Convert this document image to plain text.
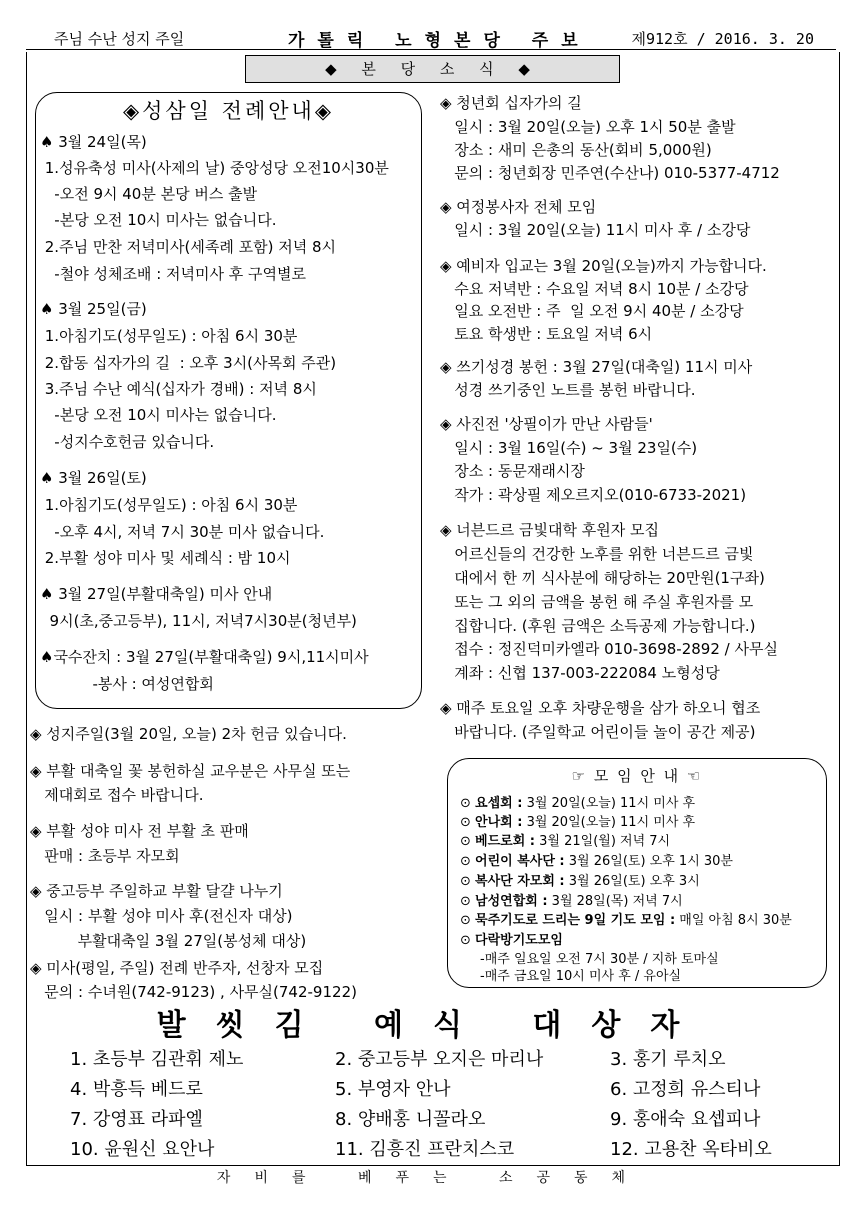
주님 수난 성지 주일	가톨릭 노형본당 주보	제912호 / 2016. 3. 20
◆ 본 당 소 식 ◆
◈성삼일 전례안내◈
♠ 3월 24일(목)
1.성유축성 미사(사제의 날) 중앙성당 오전10시30분
-오전 9시 40분 본당 버스 출발
-본당 오전 10시 미사는 없습니다.
2.주님 만찬 저녁미사(세족례 포함) 저녁 8시
-철야 성체조배 : 저녁미사 후 구역별로
♠ 3월 25일(금)
1.아침기도(성무일도) : 아침 6시 30분
2.합동 십자가의 길  : 오후 3시(사목회 주관)
3.주님 수난 예식(십자가 경배) : 저녁 8시
-본당 오전 10시 미사는 없습니다.
-성지수호헌금 있습니다.
♠ 3월 26일(토)
1.아침기도(성무일도) : 아침 6시 30분
-오후 4시, 저녁 7시 30분 미사 없습니다.
2.부활 성야 미사 및 세례식 : 밤 10시
♠ 3월 27일(부활대축일) 미사 안내
9시(초,중고등부), 11시, 저녁7시30분(청년부)
♠국수잔치 : 3월 27일(부활대축일) 9시,11시미사
-봉사 : 여성연합회
◈ 성지주일(3월 20일, 오늘) 2차 헌금 있습니다.
◈ 부활 대축일 꽃 봉헌하실 교우분은 사무실 또는
제대회로 접수 바랍니다.
◈ 부활 성야 미사 전 부활 초 판매
판매 : 초등부 자모회
◈ 중고등부 주일하교 부활 달걀 나누기
일시 : 부활 성야 미사 후(전신자 대상)
부활대축일 3월 27일(봉성체 대상)
◈ 미사(평일, 주일) 전례 반주자, 선창자 모집
문의 : 수녀원(742-9123) , 사무실(742-9122)
◈ 청년회 십자가의 길
일시 : 3월 20일(오늘) 오후 1시 50분 출발
장소 : 새미 은총의 동산(회비 5,000원)
문의 : 청년회장 민주연(수산나) 010-5377-4712
◈ 여정봉사자 전체 모임
일시 : 3월 20일(오늘) 11시 미사 후 / 소강당
◈ 예비자 입교는 3월 20일(오늘)까지 가능합니다.
수요 저녁반 : 수요일 저녁 8시 10분 / 소강당
일요 오전반 : 주  일 오전 9시 40분 / 소강당
토요 학생반 : 토요일 저녁 6시
◈ 쓰기성경 봉헌 : 3월 27일(대축일) 11시 미사
성경 쓰기중인 노트를 봉헌 바랍니다.
◈ 사진전 '상필이가 만난 사람들'
일시 : 3월 16일(수) ~ 3월 23일(수)
장소 : 동문재래시장
작가 : 곽상필 제오르지오(010-6733-2021)
◈ 너븐드르 금빛대학 후원자 모집
어르신들의 건강한 노후를 위한 너븐드르 금빛
대에서 한 끼 식사분에 해당하는 20만원(1구좌)
또는 그 외의 금액을 봉헌 해 주실 후원자를 모
집합니다. (후원 금액은 소득공제 가능합니다.)
접수 : 정진덕미카엘라 010-3698-2892 / 사무실
계좌 : 신협 137-003-222084 노형성당
◈ 매주 토요일 오후 차량운행을 삼가 하오니 협조
바랍니다. (주일학교 어린이들 놀이 공간 제공)
☞ 모 임 안 내 ☜
⊙ 요셉회 : 3월 20일(오늘) 11시 미사 후
⊙ 안나회 : 3월 20일(오늘) 11시 미사 후
⊙ 베드로회 : 3월 21일(월) 저녁 7시
⊙ 어린이 복사단 : 3월 26일(토) 오후 1시 30분
⊙ 복사단 자모회 : 3월 26일(토) 오후 3시
⊙ 남성연합회 : 3월 28일(목) 저녁 7시
⊙ 묵주기도로 드리는 9일 기도 모임 : 매일 아침 8시 30분
⊙ 다락방기도모임
-매주 일요일 오전 7시 30분 / 지하 토마실
-매주 금요일 10시 미사 후 / 유아실
발씻김 예식 대상자
1. 초등부 김관휘 제노	2. 중고등부 오지은 마리나	3. 홍기 루치오
4. 박흥득 베드로	5. 부영자 안나	6. 고정희 유스티나
7. 강영표 라파엘	8. 양배홍 니꼴라오	9. 홍애숙 요셉피나
10. 윤원신 요안나	11. 김흥진 프란치스코	12. 고용찬 옥타비오
자비를 베푸는 소공동체
